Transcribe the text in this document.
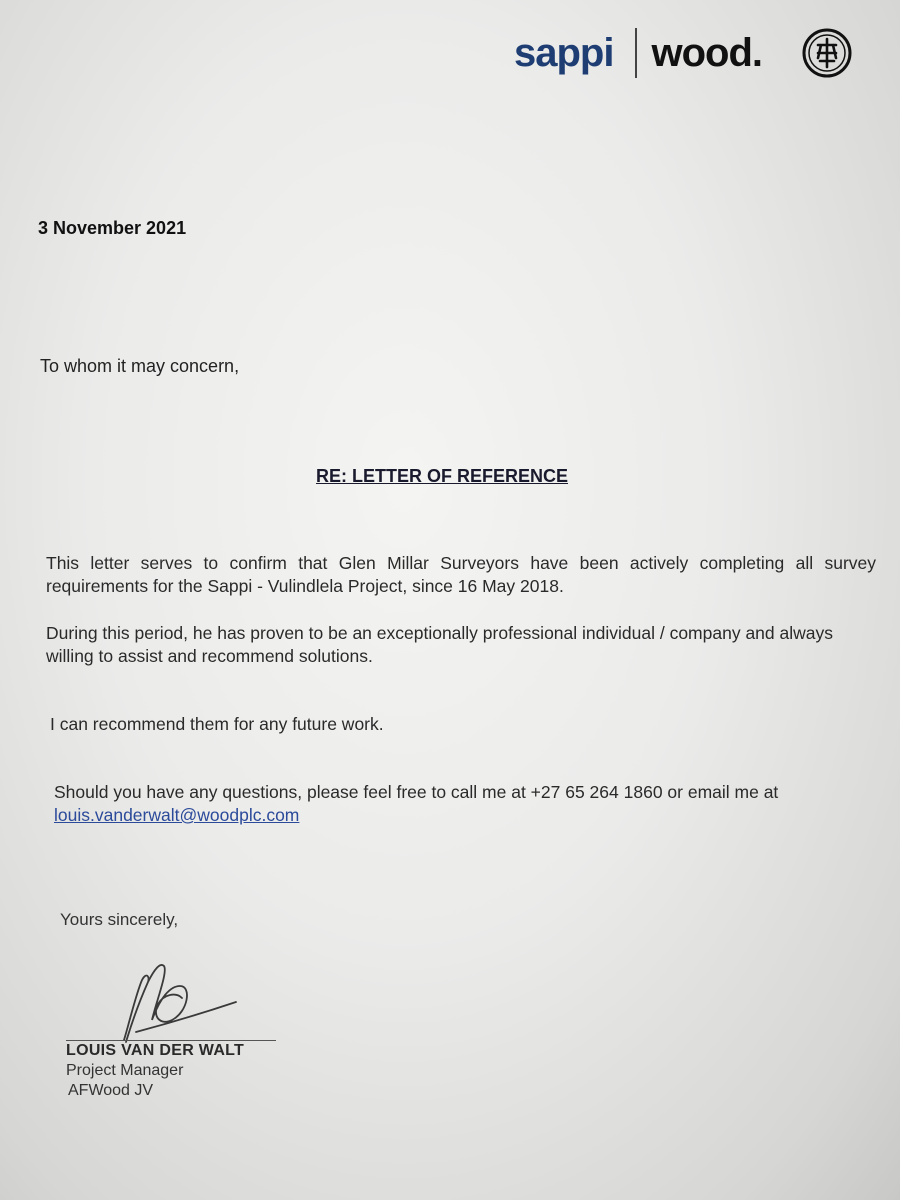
sappi wood.
3 November 2021
To whom it may concern,
RE: LETTER OF REFERENCE
This letter serves to confirm that Glen Millar Surveyors have been actively completing all survey requirements for the Sappi - Vulindlela Project, since 16 May 2018.
During this period, he has proven to be an exceptionally professional individual / company and always willing to assist and recommend solutions.
I can recommend them for any future work.
Should you have any questions, please feel free to call me at +27 65 264 1860 or email me at
louis.vanderwalt@woodplc.com
Yours sincerely,
LOUIS VAN DER WALT
Project Manager
AFWood JV
